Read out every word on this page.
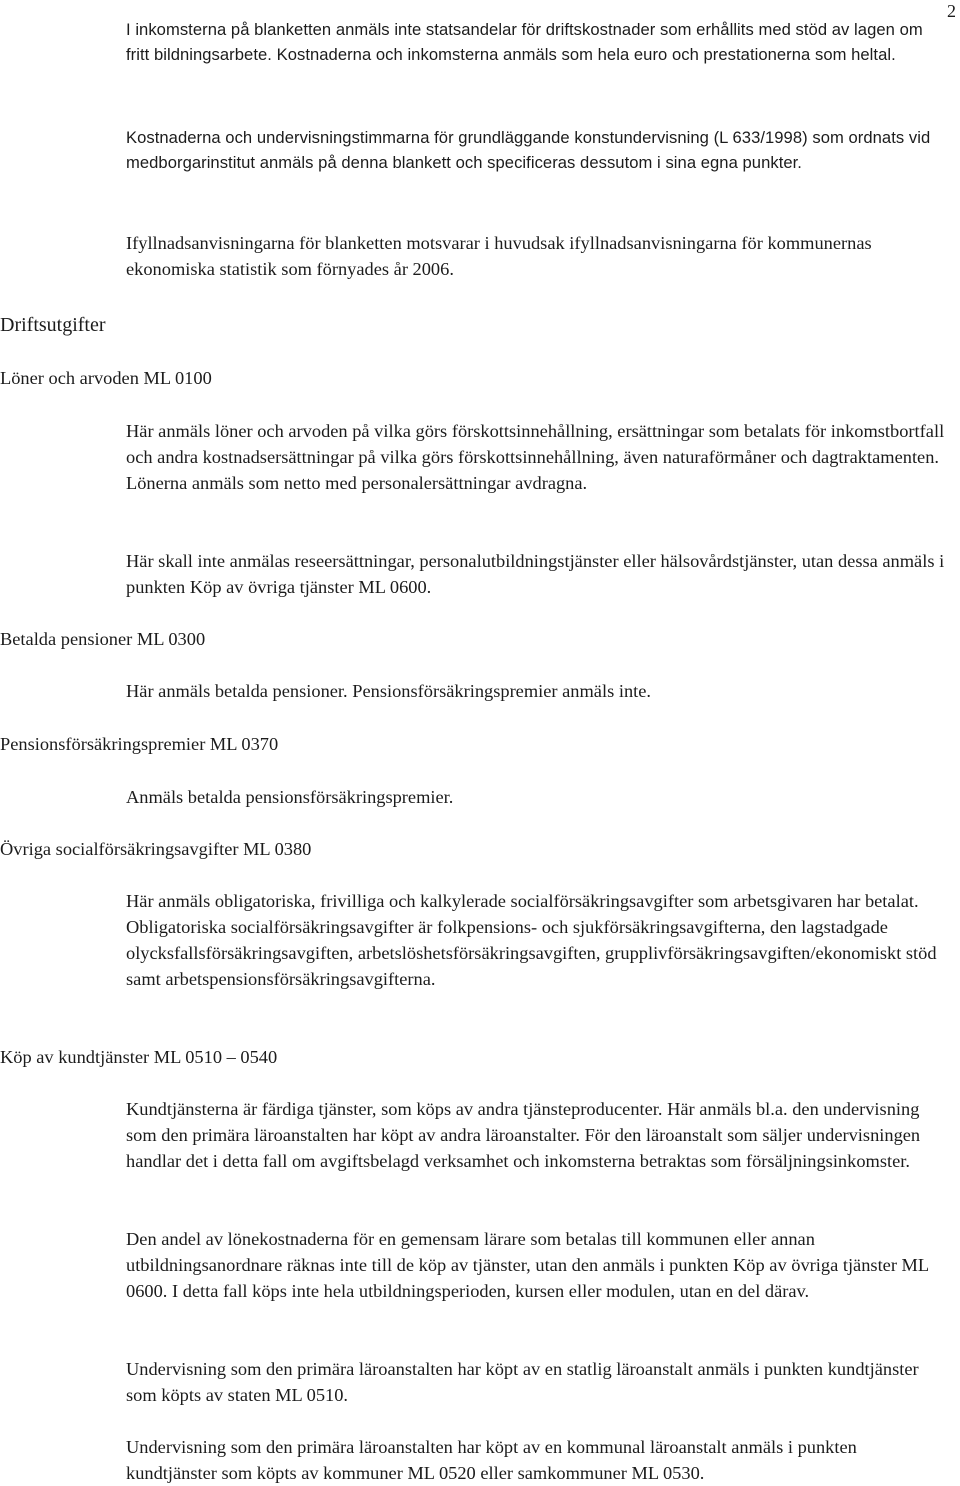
2

I inkomsterna på blanketten anmäls inte statsandelar för driftskostnader som erhållits med stöd av lagen om fritt bildningsarbete. Kostnaderna och inkomsterna anmäls som hela euro och prestationerna som heltal.

Kostnaderna och undervisningstimmarna för grundläggande konstundervisning (L 633/1998) som ordnats vid medborgarinstitut anmäls på denna blankett och specificeras dessutom i sina egna punkter.

Ifyllnadsanvisningarna för blanketten motsvarar i huvudsak ifyllnadsanvisningarna för kommunernas ekonomiska statistik som förnyades år 2006.

Driftsutgifter
Löner och arvoden ML 0100

Här anmäls löner och arvoden på vilka görs förskottsinnehållning, ersättningar som betalats för inkomstbortfall och andra kostnadsersättningar på vilka görs förskottsinnehållning, även naturaförmåner och dagtraktamenten. Lönerna anmäls som netto med personalersättningar avdragna.

Här skall inte anmälas reseersättningar, personalutbildningstjänster eller hälsovårdstjänster, utan dessa anmäls i punkten Köp av övriga tjänster ML 0600.

Betalda pensioner ML 0300

Här anmäls betalda pensioner. Pensionsförsäkringspremier anmäls inte.

Pensionsförsäkringspremier ML 0370

Anmäls betalda pensionsförsäkringspremier.

Övriga socialförsäkringsavgifter ML 0380

Här anmäls obligatoriska, frivilliga och kalkylerade socialförsäkringsavgifter som arbetsgivaren har betalat. Obligatoriska socialförsäkringsavgifter är folkpensions- och sjukförsäkringsavgifterna, den lagstadgade olycksfallsförsäkringsavgiften, arbetslöshetsförsäkringsavgiften, grupplivförsäkringsavgiften/ekonomiskt stöd samt arbetspensionsförsäkringsavgifterna.

Köp av kundtjänster ML 0510 – 0540

Kundtjänsterna är färdiga tjänster, som köps av andra tjänsteproducenter. Här anmäls bl.a. den undervisning som den primära läroanstalten har köpt av andra läroanstalter. För den läroanstalt som säljer undervisningen handlar det i detta fall om avgiftsbelagd verksamhet och inkomsterna betraktas som försäljningsinkomster.

Den andel av lönekostnaderna för en gemensam lärare som betalas till kommunen eller annan utbildningsanordnare räknas inte till de köp av tjänster, utan den anmäls i punkten Köp av övriga tjänster ML 0600. I detta fall köps inte hela utbildningsperioden, kursen eller modulen, utan en del därav.

Undervisning som den primära läroanstalten har köpt av en statlig läroanstalt anmäls i punkten kundtjänster som köpts av staten ML 0510.

Undervisning som den primära läroanstalten har köpt av en kommunal läroanstalt anmäls i punkten kundtjänster som köpts av kommuner ML 0520 eller samkommuner ML 0530.
